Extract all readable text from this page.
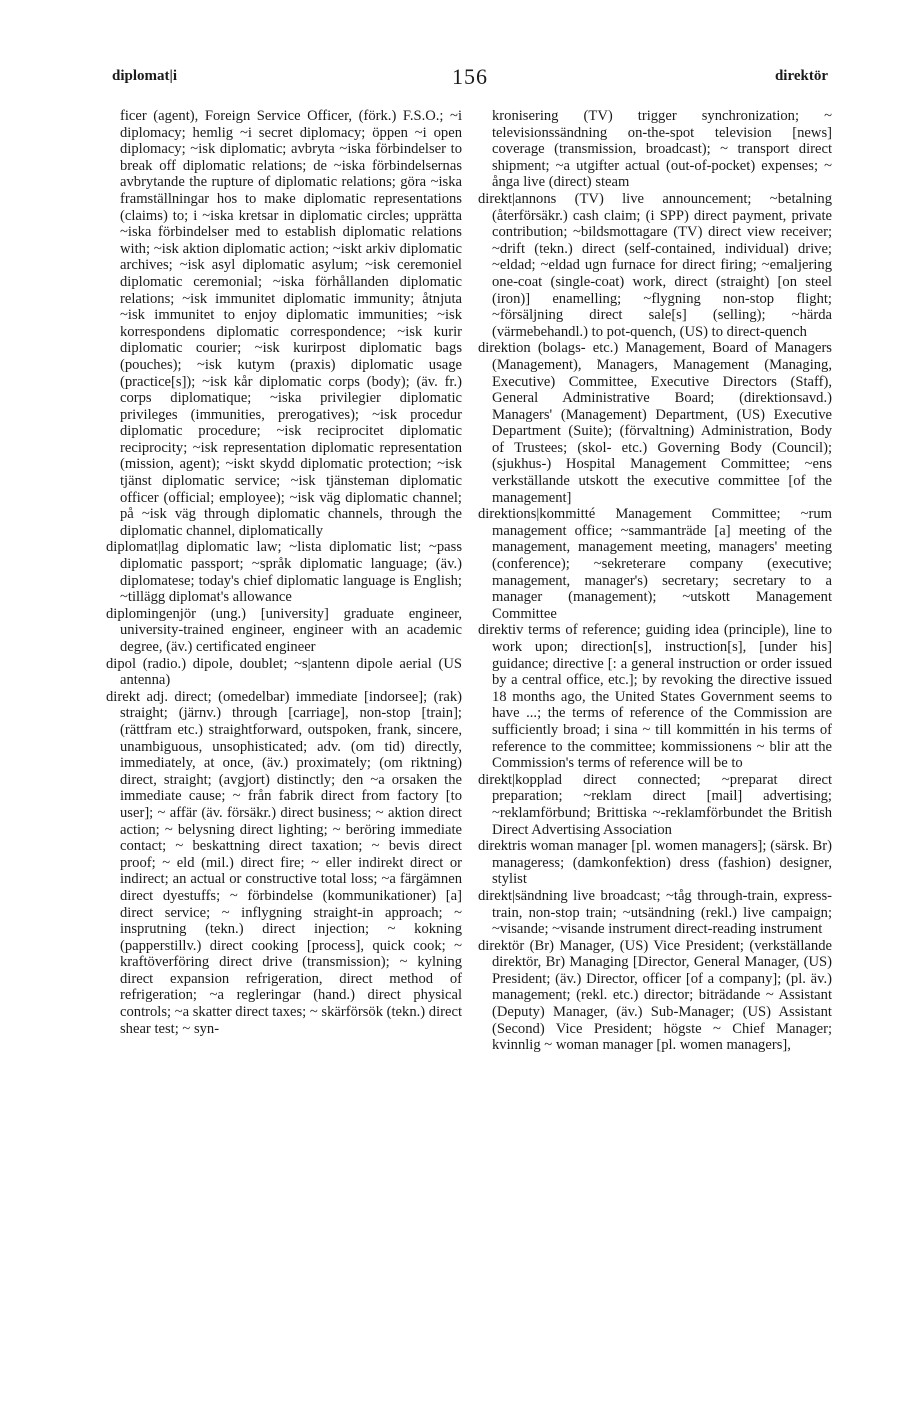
diplomat|i	156	direktör

ficer (agent), Foreign Service Officer, (förk.) F.S.O.; ~i diplomacy; hemlig ~i secret diplomacy; öppen ~i open diplomacy; ~isk diplomatic; avbryta ~iska förbindelser to break off diplomatic relations; de ~iska förbindelsernas avbrytande the rupture of diplomatic relations; göra ~iska framställningar hos to make diplomatic representations (claims) to; i ~iska kretsar in diplomatic circles; upprätta ~iska förbindelser med to establish diplomatic relations with; ~isk aktion diplomatic action; ~iskt arkiv diplomatic archives; ~isk asyl diplomatic asylum; ~isk ceremoniel diplomatic ceremonial; ~iska förhållanden diplomatic relations; ~isk immunitet diplomatic immunity; åtnjuta ~isk immunitet to enjoy diplomatic immunities; ~isk korrespondens diplomatic correspondence; ~isk kurir diplomatic courier; ~isk kurirpost diplomatic bags (pouches); ~isk kutym (praxis) diplomatic usage (practice[s]); ~isk kår diplomatic corps (body); (äv. fr.) corps diplomatique; ~iska privilegier diplomatic privileges (immunities, prerogatives); ~isk procedur diplomatic procedure; ~isk reciprocitet diplomatic reciprocity; ~isk representation diplomatic representation (mission, agent); ~iskt skydd diplomatic protection; ~isk tjänst diplomatic service; ~isk tjänsteman diplomatic officer (official; employee); ~isk väg diplomatic channel; på ~isk väg through diplomatic channels, through the diplomatic channel, diplomatically

diplomat|lag diplomatic law; ~lista diplomatic list; ~pass diplomatic passport; ~språk diplomatic language; (äv.) diplomatese; today's chief diplomatic language is English; ~tillägg diplomat's allowance

diplomingenjör (ung.) [university] graduate engineer, university-trained engineer, engineer with an academic degree, (äv.) certificated engineer

dipol (radio.) dipole, doublet; ~s|antenn dipole aerial (US antenna)

direkt adj. direct; (omedelbar) immediate [indorsee]; (rak) straight; (järnv.) through [carriage], non-stop [train]; (rättfram etc.) straightforward, outspoken, frank, sincere, unambiguous, unsophisticated; adv. (om tid) directly, immediately, at once, (äv.) proximately; (om riktning) direct, straight; (avgjort) distinctly; den ~a orsaken the immediate cause; ~ från fabrik direct from factory [to user]; ~ affär (äv. försäkr.) direct business; ~ aktion direct action; ~ belysning direct lighting; ~ beröring immediate contact; ~ beskattning direct taxation; ~ bevis direct proof; ~ eld (mil.) direct fire; ~ eller indirekt direct or indirect; an actual or constructive total loss; ~a färgämnen direct dyestuffs; ~ förbindelse (kommunikationer) [a] direct service; ~ inflygning straight-in approach; ~ insprutning (tekn.) direct injection; ~ kokning (papperstillv.) direct cooking [process], quick cook; ~ kraftöverföring direct drive (transmission); ~ kylning direct expansion refrigeration, direct method of refrigeration; ~a regleringar (hand.) direct physical controls; ~a skatter direct taxes; ~ skärförsök (tekn.) direct shear test; ~ syn-

kronisering (TV) trigger synchronization; ~ televisionssändning on-the-spot television [news] coverage (transmission, broadcast); ~ transport direct shipment; ~a utgifter actual (out-of-pocket) expenses; ~ ånga live (direct) steam

direkt|annons (TV) live announcement; ~betalning (återförsäkr.) cash claim; (i SPP) direct payment, private contribution; ~bildsmottagare (TV) direct view receiver; ~drift (tekn.) direct (self-contained, individual) drive; ~eldad; ~eldad ugn furnace for direct firing; ~emaljering one-coat (single-coat) work, direct (straight) [on steel (iron)] enamelling; ~flygning non-stop flight; ~försäljning direct sale[s] (selling); ~härda (värmebehandl.) to pot-quench, (US) to direct-quench

direktion (bolags- etc.) Management, Board of Managers (Management), Managers, Management (Managing, Executive) Committee, Executive Directors (Staff), General Administrative Board; (direktionsavd.) Managers' (Management) Department, (US) Executive Department (Suite); (förvaltning) Administration, Body of Trustees; (skol- etc.) Governing Body (Council); (sjukhus-) Hospital Management Committee; ~ens verkställande utskott the executive committee [of the management]

direktions|kommitté Management Committee; ~rum management office; ~sammanträde [a] meeting of the management, management meeting, managers' meeting (conference); ~sekreterare company (executive; management, manager's) secretary; secretary to a manager (management); ~utskott Management Committee

direktiv terms of reference; guiding idea (principle), line to work upon; direction[s], instruction[s], [under his] guidance; directive [: a general instruction or order issued by a central office, etc.]; by revoking the directive issued 18 months ago, the United States Government seems to have ...; the terms of reference of the Commission are sufficiently broad; i sina ~ till kommittén in his terms of reference to the committee; kommissionens ~ blir att the Commission's terms of reference will be to

direkt|kopplad direct connected; ~preparat direct preparation; ~reklam direct [mail] advertising; ~reklamförbund; Brittiska ~-reklamförbundet the British Direct Advertising Association

direktris woman manager [pl. women managers]; (särsk. Br) manageress; (damkonfektion) dress (fashion) designer, stylist

direkt|sändning live broadcast; ~tåg through-train, express-train, non-stop train; ~utsändning (rekl.) live campaign; ~visande; ~visande instrument direct-reading instrument

direktör (Br) Manager, (US) Vice President; (verkställande direktör, Br) Managing [Director, General Manager, (US) President; (äv.) Director, officer [of a company]; (pl. äv.) management; (rekl. etc.) director; biträdande ~ Assistant (Deputy) Manager, (äv.) Sub-Manager; (US) Assistant (Second) Vice President; högste ~ Chief Manager; kvinnlig ~ woman manager [pl. women managers],
